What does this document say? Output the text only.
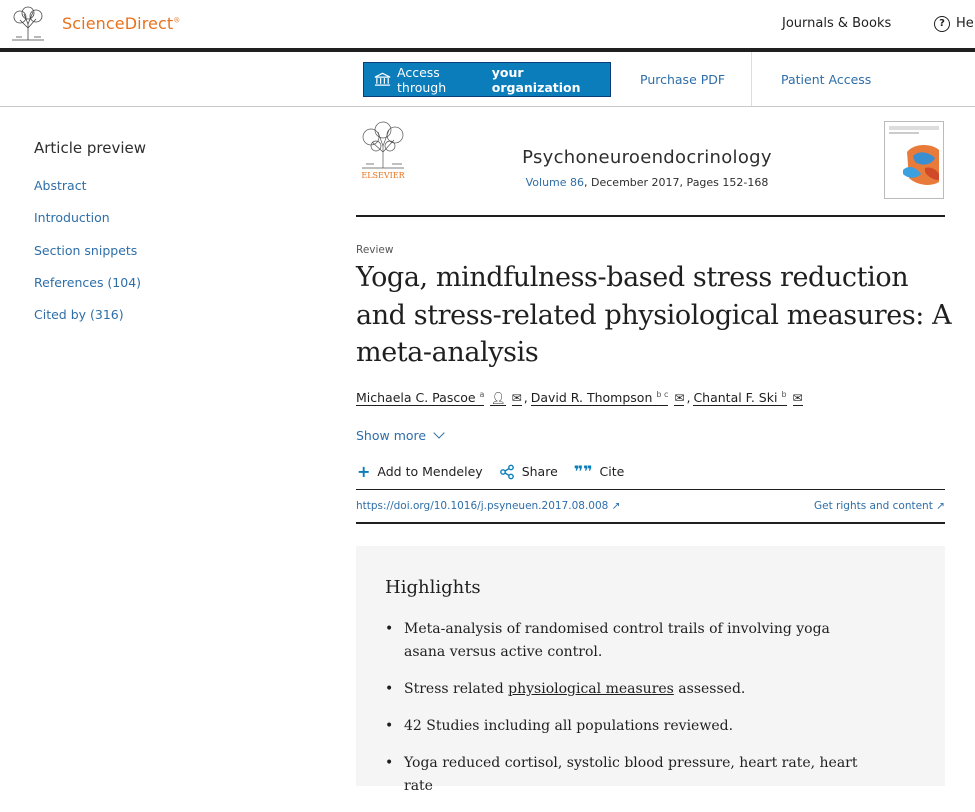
ScienceDirect®	Journals & Books	? He
Access through
your organization	Purchase PDF	Patient Access
Article preview
Abstract
Introduction
Section snippets
References (104)
Cited by (316)
ELSEVIER
Psychoneuroendocrinology
Volume 86, December 2017, Pages 152-168
Review
Yoga, mindfulness-based stress reduction and stress-related physiological measures: A meta-analysis
Michaela C. Pascoe $^a$ 👤︎ ✉ , David R. Thompson $^{b c}$ ✉ , Chantal F. Ski $^b$ ✉
Show more
+ Add to Mendeley	Share ❞❞ Cite
https://doi.org/10.1016/j.psyneuen.2017.08.008 ↗	Get rights and content ↗
Highlights
• Meta-analysis of randomised control trails of involving yoga asana versus active control.
• Stress related physiological measures assessed.
• 42 Studies including all populations reviewed.
• Yoga reduced cortisol, systolic blood pressure, heart rate, heart rate
